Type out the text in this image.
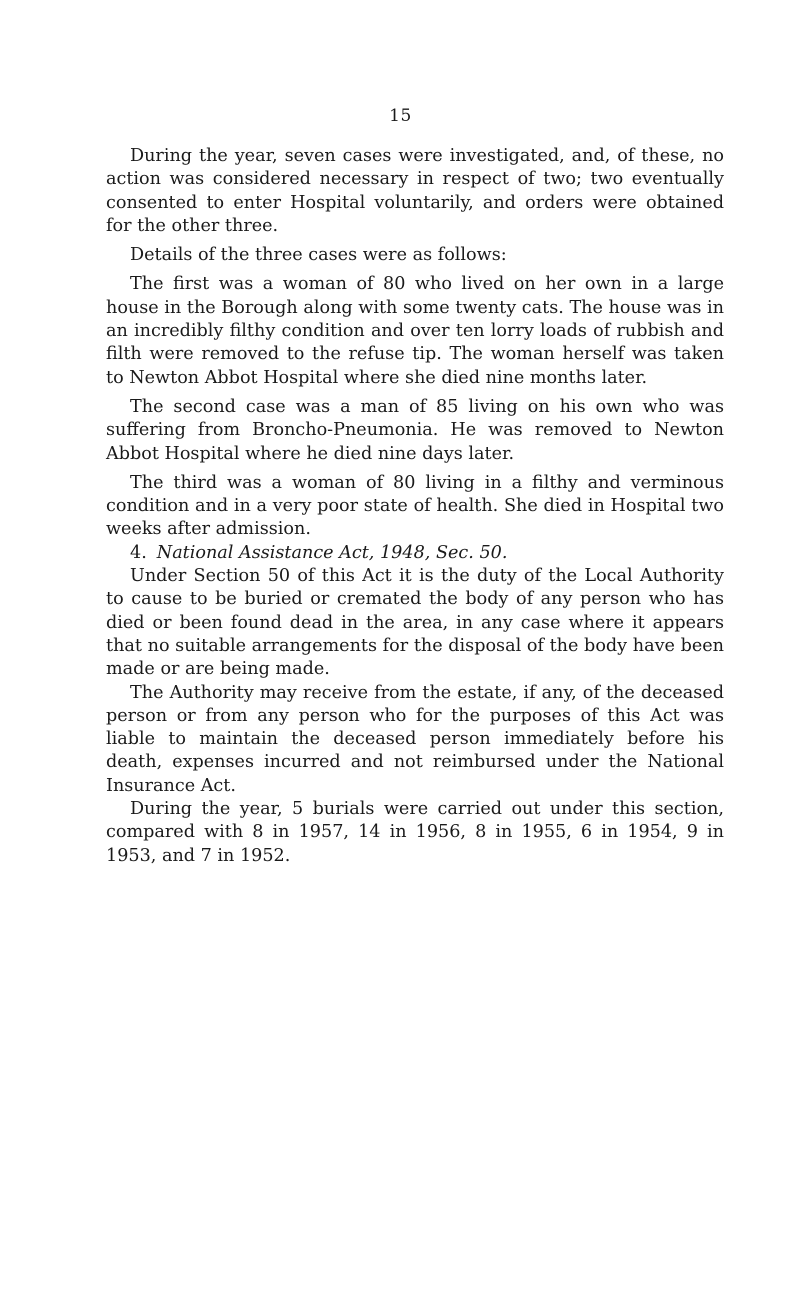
15

During the year, seven cases were investigated, and, of these, no action was considered necessary in respect of two; two eventually consented to enter Hospital voluntarily, and orders were obtained for the other three.

Details of the three cases were as follows:

The first was a woman of 80 who lived on her own in a large house in the Borough along with some twenty cats. The house was in an incredibly filthy condition and over ten lorry loads of rubbish and filth were removed to the refuse tip. The woman herself was taken to Newton Abbot Hospital where she died nine months later.

The second case was a man of 85 living on his own who was suffering from Broncho-Pneumonia. He was removed to Newton Abbot Hospital where he died nine days later.

The third was a woman of 80 living in a filthy and verminous condition and in a very poor state of health. She died in Hospital two weeks after admission.

4. National Assistance Act, 1948, Sec. 50.

Under Section 50 of this Act it is the duty of the Local Authority to cause to be buried or cremated the body of any person who has died or been found dead in the area, in any case where it appears that no suitable arrangements for the disposal of the body have been made or are being made.

The Authority may receive from the estate, if any, of the deceased person or from any person who for the purposes of this Act was liable to maintain the deceased person immediately before his death, expenses incurred and not reimbursed under the National Insurance Act.

During the year, 5 burials were carried out under this section, compared with 8 in 1957, 14 in 1956, 8 in 1955, 6 in 1954, 9 in 1953, and 7 in 1952.
